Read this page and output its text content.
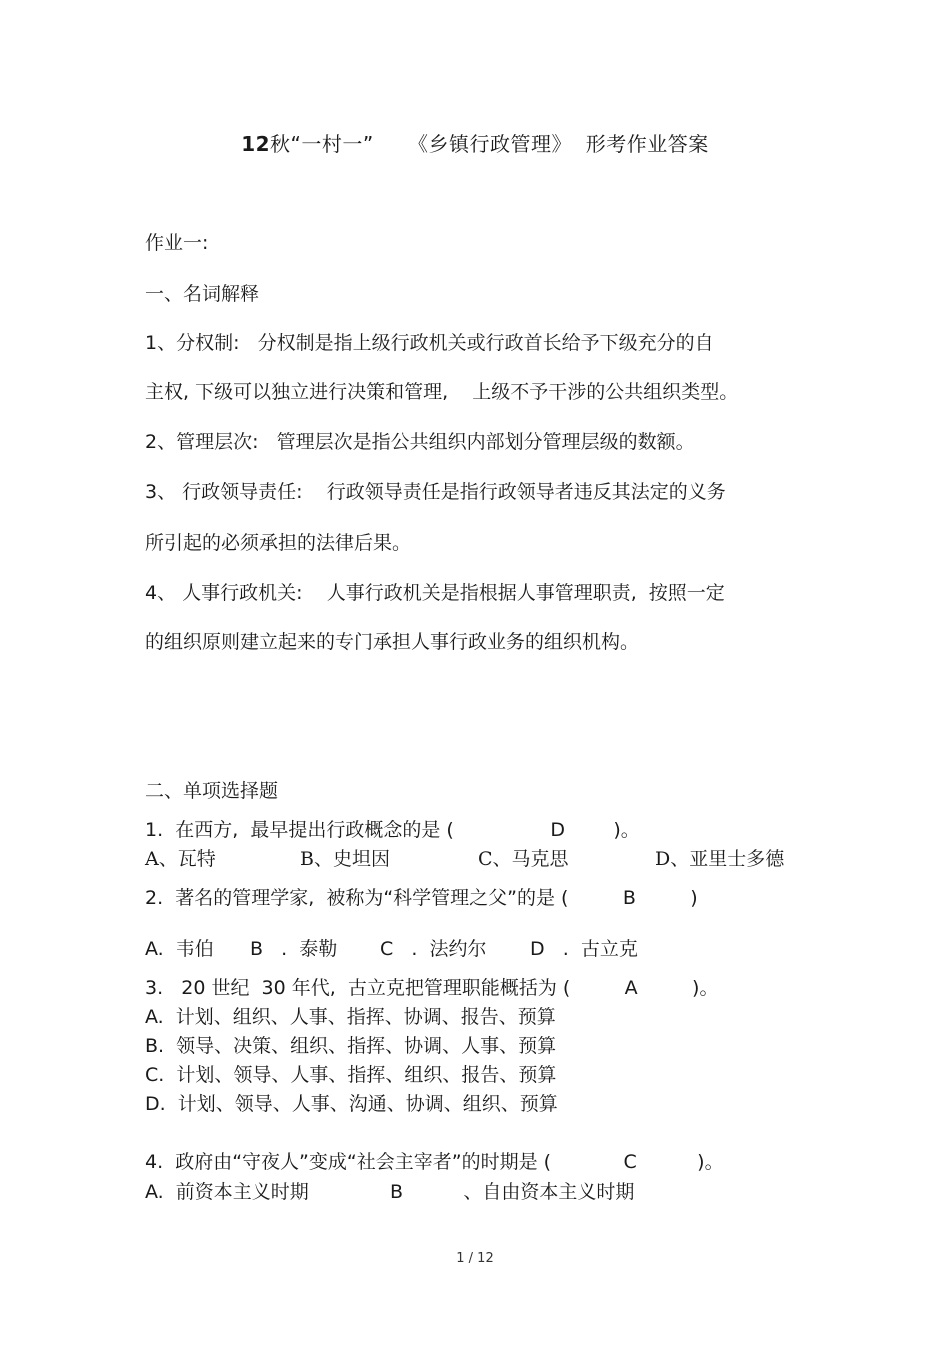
12秋“一村一”     《乡镇行政管理》  形考作业答案
作业一:
一、名词解释
1、分权制:   分权制是指上级行政机关或行政首长给予下级充分的自
主权, 下级可以独立进行决策和管理,    上级不予干涉的公共组织类型。
2、管理层次:   管理层次是指公共组织内部划分管理层级的数额。
3、 行政领导责任:    行政领导责任是指行政领导者违反其法定的义务
所引起的必须承担的法律后果。
4、 人事行政机关:    人事行政机关是指根据人事管理职责,  按照一定
的组织原则建立起来的专门承担人事行政业务的组织机构。
二、单项选择题
1.  在西方,  最早提出行政概念的是 (                D        )。
A、瓦特	B、史坦因	C、马克思	D、亚里士多德
2.  著名的管理学家,  被称为“科学管理之父”的是 (         B         )
A.  韦伯 B   .  泰勒 C   .  法约尔 D   .  古立克
3.   20 世纪  30 年代,  古立克把管理职能概括为 (         A         )。
A.  计划、组织、人事、指挥、协调、报告、预算
B.  领导、决策、组织、指挥、协调、人事、预算
C.  计划、领导、人事、指挥、组织、报告、预算
D.  计划、领导、人事、沟通、协调、组织、预算
4.  政府由“守夜人”变成“社会主宰者”的时期是 (            C          )。
A.  前资本主义时期	B          、自由资本主义时期
1 / 12
